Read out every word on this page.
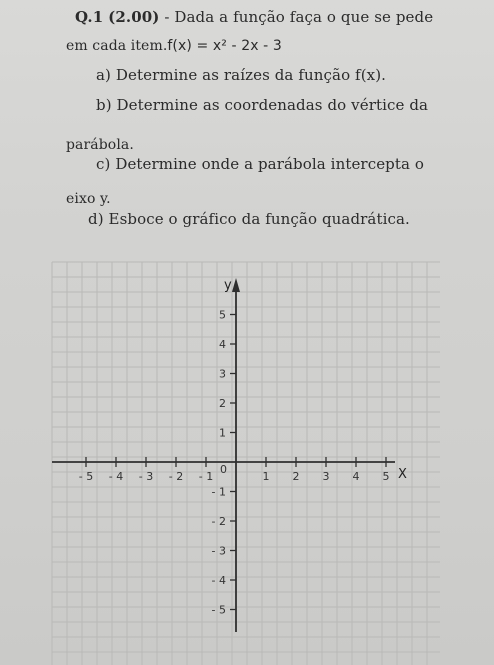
Q.1 (2.00) - Dada a função faça o que se pede
em cada item.f(x) = x² - 2x - 3
a) Determine as raízes da função f(x).
b) Determine as coordenadas do vértice da
parábola.
c) Determine onde a parábola intercepta o
eixo y.
d) Esboce o gráfico da função quadrática.
y
X
0
- 5 - 4 - 3 - 2 - 1	1 2 3 4 5
5
4
3
2
1
- 1
- 2
- 3
- 4
- 5
